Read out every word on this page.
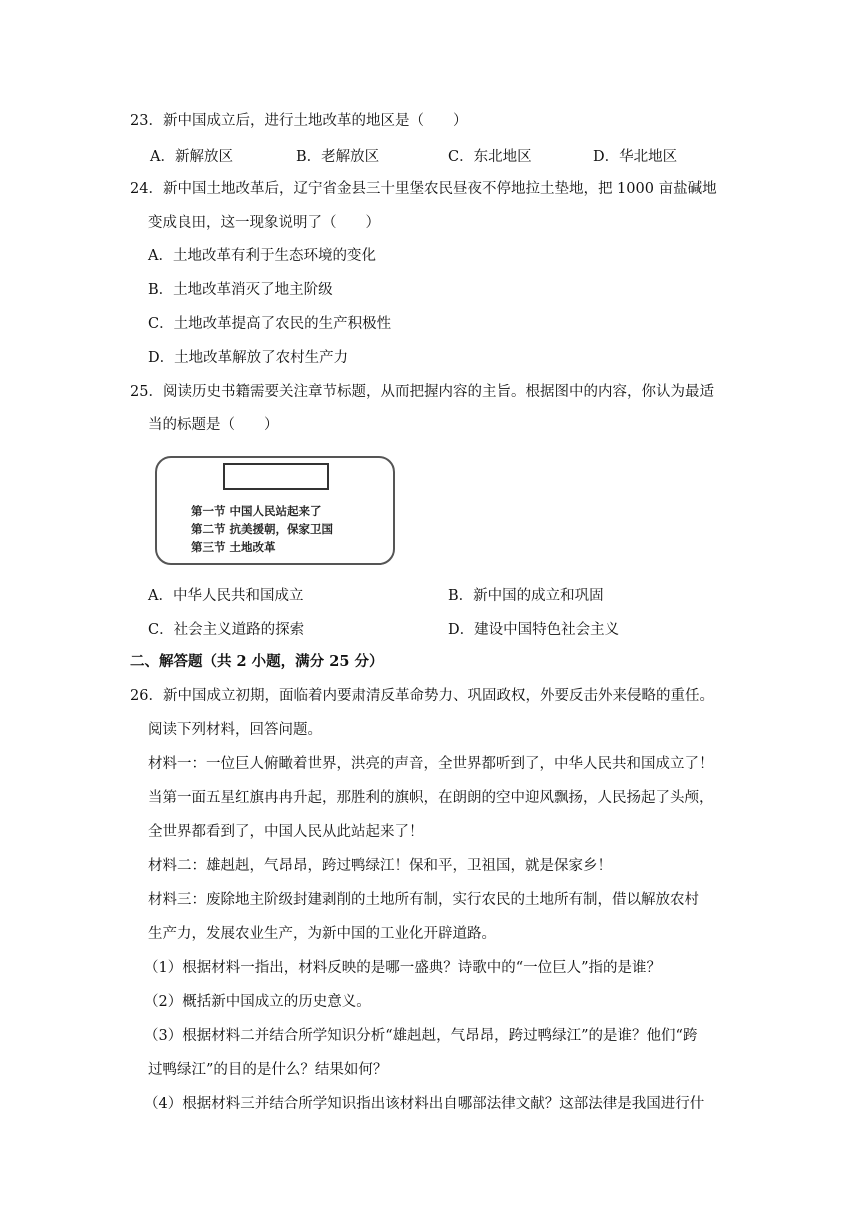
23．新中国成立后，进行土地改革的地区是（　　）
A．新解放区	B．老解放区	C．东北地区	D．华北地区
24．新中国土地改革后，辽宁省金县三十里堡农民昼夜不停地拉土垫地，把 1000 亩盐碱地
变成良田，这一现象说明了（　　）
A．土地改革有利于生态环境的变化
B．土地改革消灭了地主阶级
C．土地改革提高了农民的生产积极性
D．土地改革解放了农村生产力
25．阅读历史书籍需要关注章节标题，从而把握内容的主旨。根据图中的内容，你认为最适
当的标题是（　　）
第一节 中国人民站起来了
第二节 抗美援朝，保家卫国
第三节 土地改革
A．中华人民共和国成立	B．新中国的成立和巩固
C．社会主义道路的探索	D．建设中国特色社会主义
二、解答题（共 2 小题，满分 25 分）
26．新中国成立初期，面临着内要肃清反革命势力、巩固政权，外要反击外来侵略的重任。
阅读下列材料，回答问题。
材料一：一位巨人俯瞰着世界，洪亮的声音，全世界都听到了，中华人民共和国成立了！
当第一面五星红旗冉冉升起，那胜利的旗帜，在朗朗的空中迎风飘扬，人民扬起了头颅，
全世界都看到了，中国人民从此站起来了！
材料二：雄赳赳，气昂昂，跨过鸭绿江！保和平，卫祖国，就是保家乡！
材料三：废除地主阶级封建剥削的土地所有制，实行农民的土地所有制，借以解放农村
生产力，发展农业生产，为新中国的工业化开辟道路。
（1）根据材料一指出，材料反映的是哪一盛典？诗歌中的“一位巨人”指的是谁？
（2）概括新中国成立的历史意义。
（3）根据材料二并结合所学知识分析“雄赳赳，气昂昂，跨过鸭绿江”的是谁？他们“跨
过鸭绿江”的目的是什么？结果如何？
（4）根据材料三并结合所学知识指出该材料出自哪部法律文献？这部法律是我国进行什
